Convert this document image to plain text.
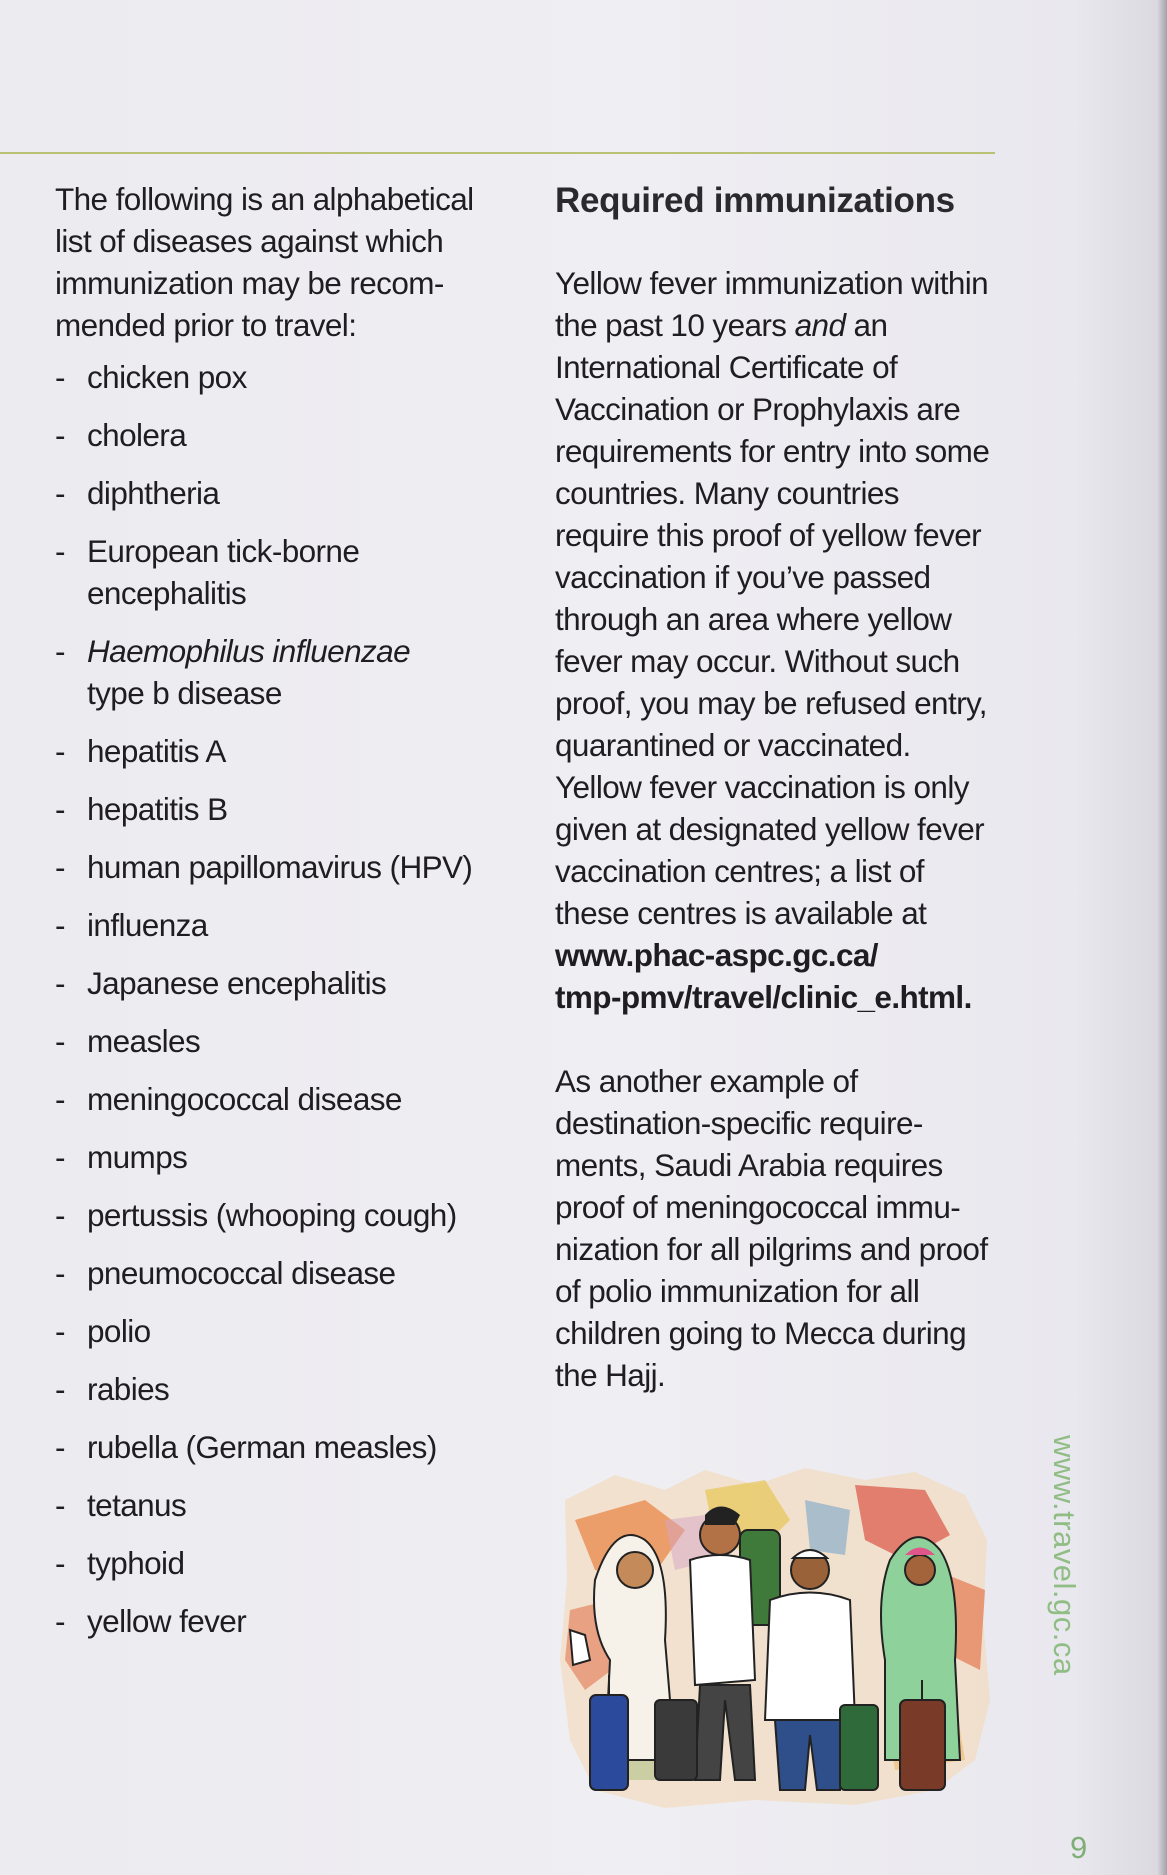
The following is an alphabetical list of diseases against which immunization may be recom-mended prior to travel:

- chicken pox
- cholera
- diphtheria
- European tick-borne encephalitis
- Haemophilus influenzae
type b disease
- hepatitis A
- hepatitis B
- human papillomavirus (HPV)
- influenza
- Japanese encephalitis
- measles
- meningococcal disease
- mumps
- pertussis (whooping cough)
- pneumococcal disease
- polio
- rabies
- rubella (German measles)
- tetanus
- typhoid
- yellow fever
Required immunizations

Yellow fever immunization within the past 10 years and an International Certificate of Vaccination or Prophylaxis are requirements for entry into some countries. Many countries require this proof of yellow fever vaccination if you’ve passed through an area where yellow fever may occur. Without such proof, you may be refused entry, quarantined or vaccinated. Yellow fever vaccination is only given at designated yellow fever vaccination centres; a list of these centres is available at
www.phac-aspc.gc.ca/
tmp-pmv/travel/clinic_e.html.

As another example of destination-specific require-ments, Saudi Arabia requires proof of meningococcal immu-nization for all pilgrims and proof of polio immunization for all children going to Mecca during the Hajj.

www.travel.gc.ca
9
